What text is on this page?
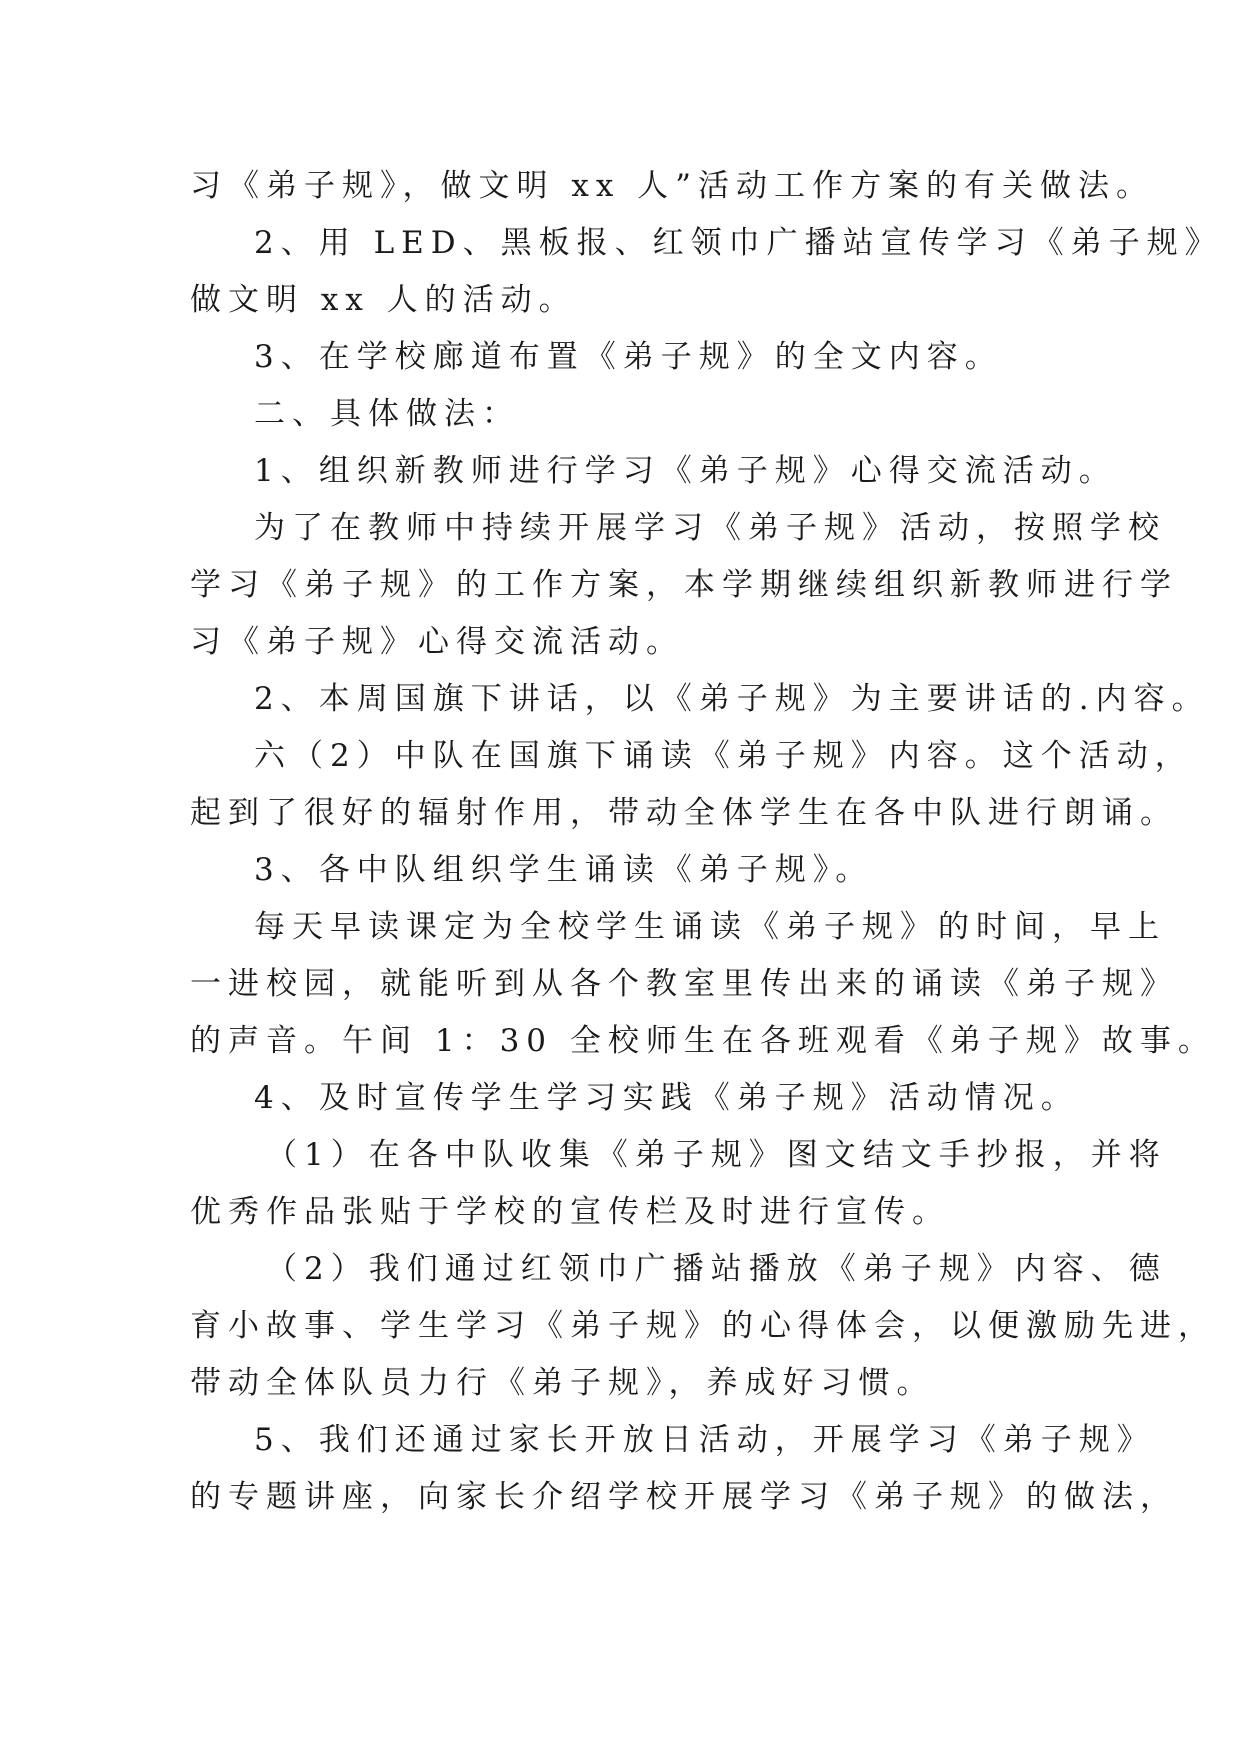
习《弟子规》，做文明 xx 人”活动工作方案的有关做法。
2、用 LED、黑板报、红领巾广播站宣传学习《弟子规》
做文明 xx 人的活动。
3、在学校廊道布置《弟子规》的全文内容。
二、具体做法：
1、组织新教师进行学习《弟子规》心得交流活动。
为了在教师中持续开展学习《弟子规》活动，按照学校
学习《弟子规》的工作方案，本学期继续组织新教师进行学
习《弟子规》心得交流活动。
2、本周国旗下讲话，以《弟子规》为主要讲话的.内容。
六（2）中队在国旗下诵读《弟子规》内容。这个活动，
起到了很好的辐射作用，带动全体学生在各中队进行朗诵。
3、各中队组织学生诵读《弟子规》。
每天早读课定为全校学生诵读《弟子规》的时间，早上
一进校园，就能听到从各个教室里传出来的诵读《弟子规》
的声音。午间 1：30 全校师生在各班观看《弟子规》故事。
4、及时宣传学生学习实践《弟子规》活动情况。
（1）在各中队收集《弟子规》图文结文手抄报，并将
优秀作品张贴于学校的宣传栏及时进行宣传。
（2）我们通过红领巾广播站播放《弟子规》内容、德
育小故事、学生学习《弟子规》的心得体会，以便激励先进，
带动全体队员力行《弟子规》，养成好习惯。
5、我们还通过家长开放日活动，开展学习《弟子规》
的专题讲座，向家长介绍学校开展学习《弟子规》的做法，
